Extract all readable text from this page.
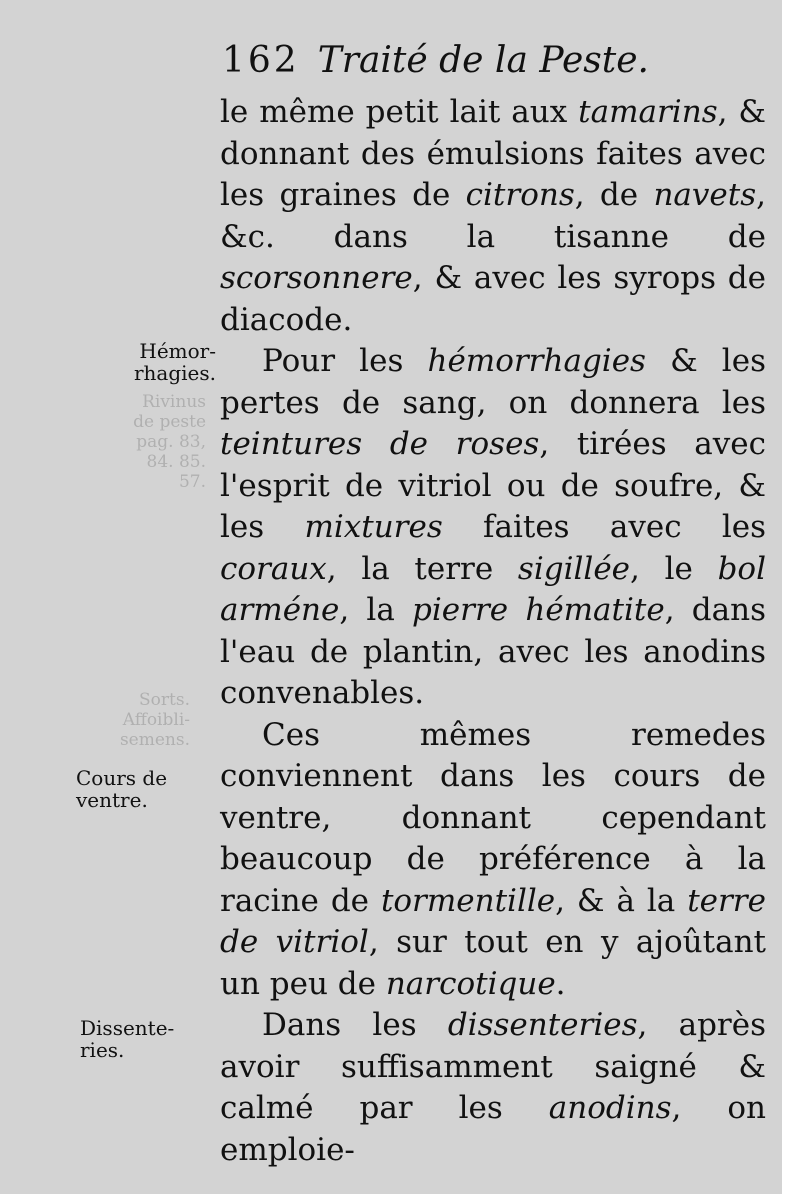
162 Traité de la Peste.
Rivinus de peste pag. 83, 84. 85. 57.
Sorts. Affoibli-semens.
Hémor-rhagies.
Cours de ventre.
Dissente-ries.

le même petit lait aux tamarins, & donnant des émulsions faites avec les graines de citrons, de navets, &c. dans la tisanne de scorsonnere, & avec les syrops de diacode.

Pour les hémorrhagies & les pertes de sang, on donnera les teintures de roses, tirées avec l'esprit de vitriol ou de soufre, & les mixtures faites avec les coraux, la terre sigillée, le bol arméne, la pierre hématite, dans l'eau de plantin, avec les anodins convenables.

Ces mêmes remedes conviennent dans les cours de ventre, donnant cependant beaucoup de préférence à la racine de tormentille, & à la terre de vitriol, sur tout en y ajoûtant un peu de narcotique.

Dans les dissenteries, après avoir suffisamment saigné & calmé par les anodins, on emploie-
